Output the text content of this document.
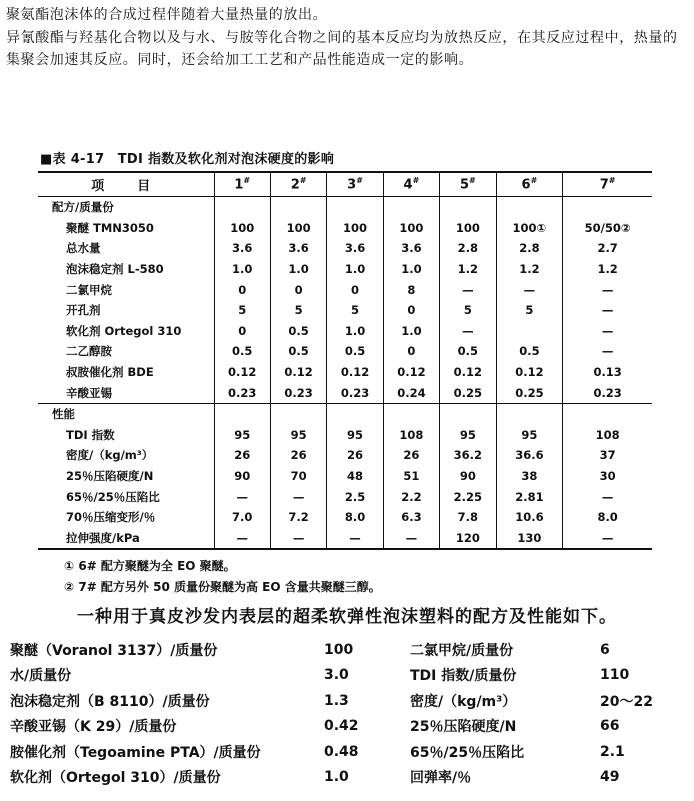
聚氨酯泡沫体的合成过程伴随着大量热量的放出。

异氰酸酯与羟基化合物以及与水、与胺等化合物之间的基本反应均为放热反应，在其反应过程中，热量的集聚会加速其反应。同时，还会给加工工艺和产品性能造成一定的影响。

■表 4-17　TDI 指数及软化剂对泡沫硬度的影响
项　目	1#	2#	3#	4#	5#	6#	7#
配方/质量份							
聚醚 TMN3050	100	100	100	100	100	100①	50/50②
总水量	3.6	3.6	3.6	3.6	2.8	2.8	2.7
泡沫稳定剂 L-580	1.0	1.0	1.0	1.0	1.2	1.2	1.2
二氯甲烷	0	0	0	8	—	—	—
开孔剂	5	5	5	0	5	5	—
软化剂 Ortegol 310	0	0.5	1.0	1.0	—		—
二乙醇胺	0.5	0.5	0.5	0	0.5	0.5	—
叔胺催化剂 BDE	0.12	0.12	0.12	0.12	0.12	0.12	0.13
辛酸亚锡	0.23	0.23	0.23	0.24	0.25	0.25	0.23
性能							
TDI 指数	95	95	95	108	95	95	108
密度/（kg/m³）	26	26	26	26	36.2	36.6	37
25％压陷硬度/N	90	70	48	51	90	38	30
65％/25％压陷比	—	—	2.5	2.2	2.25	2.81	—
70％压缩变形/％	7.0	7.2	8.0	6.3	7.8	10.6	8.0
拉伸强度/kPa	—	—	—	—	120	130	—

① 6# 配方聚醚为全 EO 聚醚。

② 7# 配方另外 50 质量份聚醚为高 EO 含量共聚醚三醇。

一种用于真皮沙发内表层的超柔软弹性泡沫塑料的配方及性能如下。
聚醚（Voranol 3137）/质量份	100	二氯甲烷/质量份	6
水/质量份	3.0	TDI 指数/质量份	110
泡沫稳定剂（B 8110）/质量份	1.3	密度/（kg/m³）	20～22
辛酸亚锡（K 29）/质量份	0.42	25％压陷硬度/N	66
胺催化剂（Tegoamine PTA）/质量份	0.48	65％/25％压陷比	2.1
软化剂（Ortegol 310）/质量份	1.0	回弹率/％	49
